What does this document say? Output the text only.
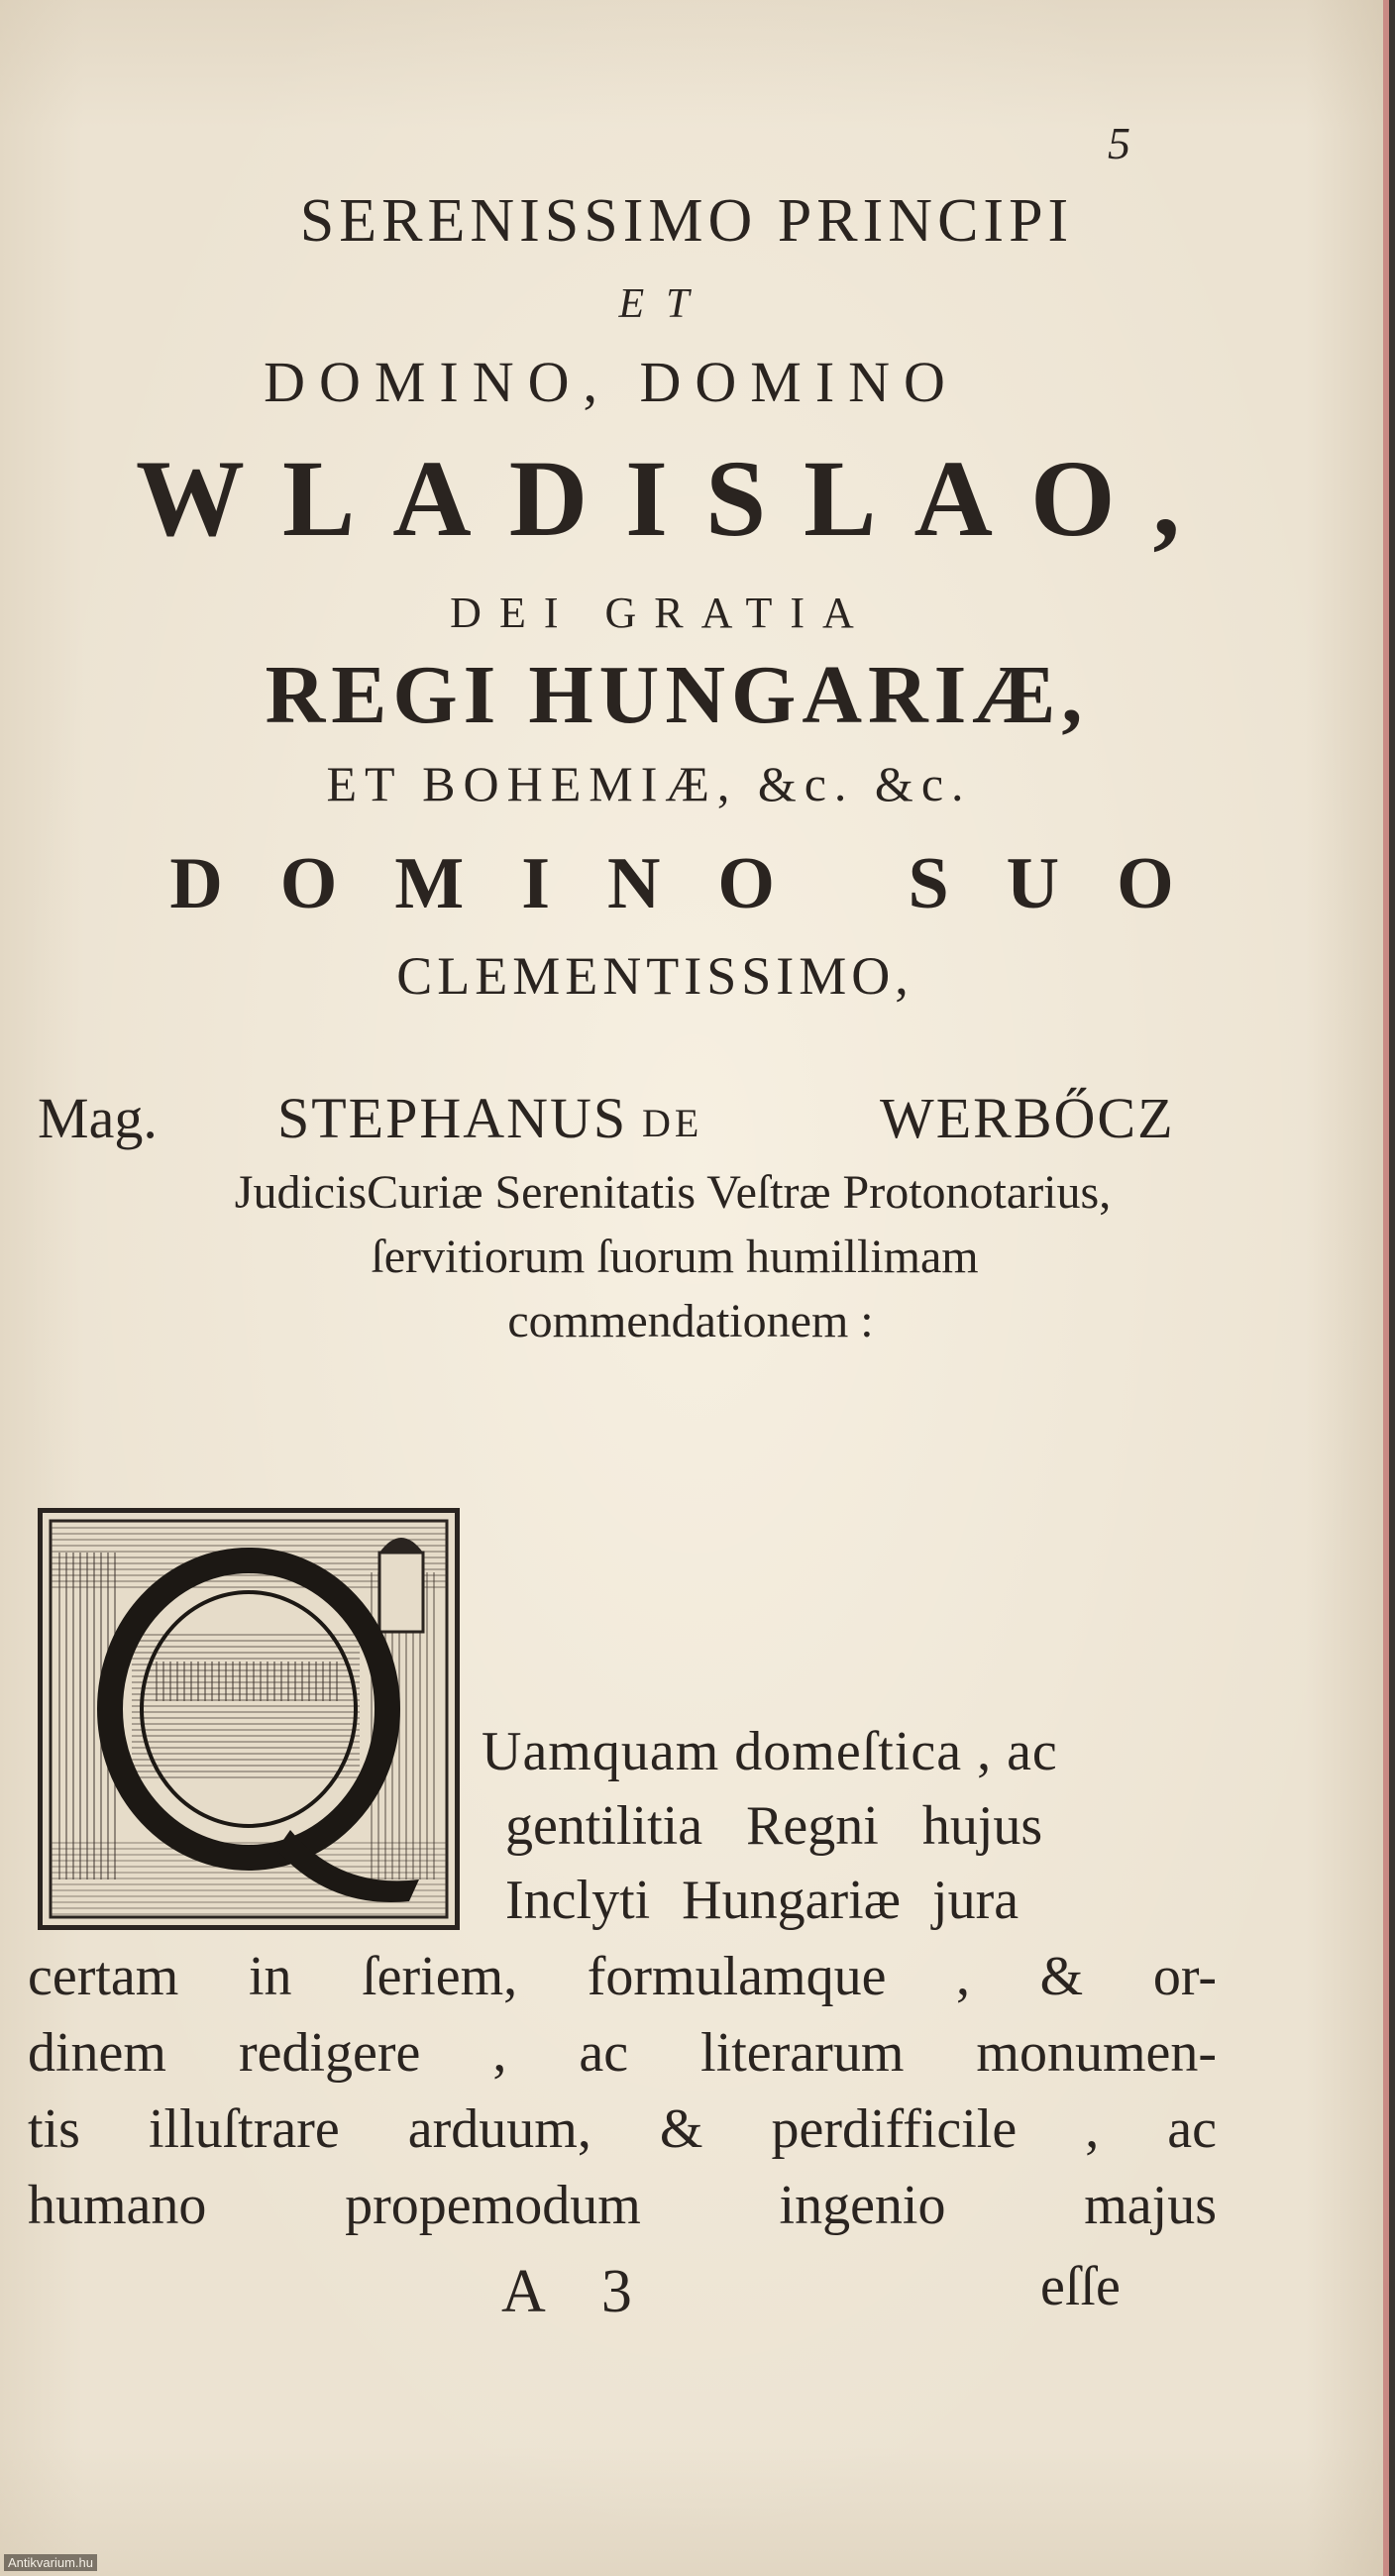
5
SERENISSIMO PRINCIPI
ET
DOMINO, DOMINO
WLADISLAO,
DEI GRATIA
REGI HUNGARIÆ,
ET BOHEMIÆ, &c. &c.
DOMINO SUO
CLEMENTISSIMO,
Mag. STEPHANUS DE	WERBŐCZ
JudicisCuriæ Serenitatis Veſtræ Protonotarius,
ſervitiorum ſuorum humillimam
commendationem :
Uamquam domeſtica , ac
gentilitia Regni hujus
Inclyti Hungariæ jura
certam in ſeriem, formulamque , & or-
dinem redigere , ac literarum monumen-
tis illuſtrare arduum, & perdifficile , ac
humano propemodum ingenio majus
A 3	eſſe
Antikvarium.hu
